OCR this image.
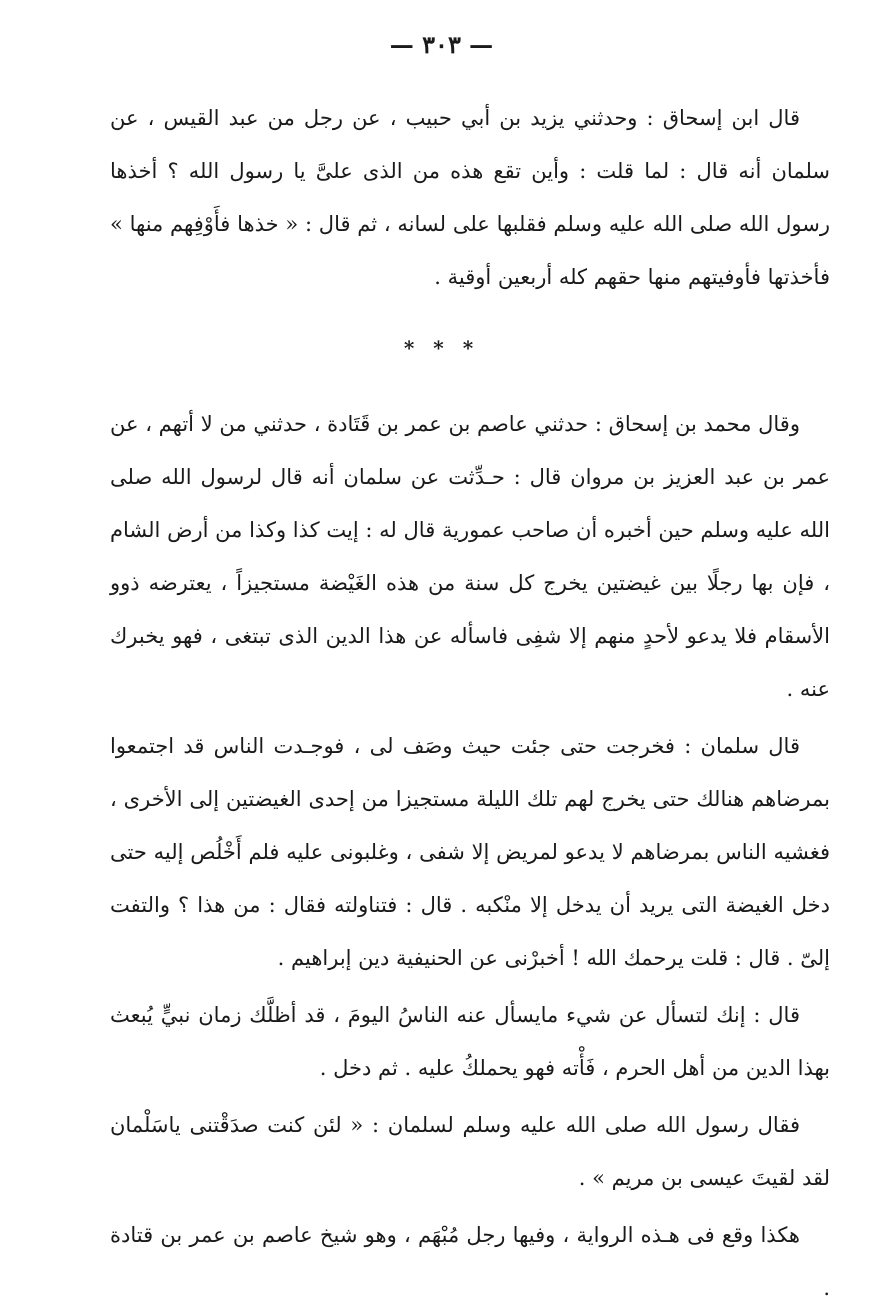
— ٣٠٣ —

قال ابن إسحاق : وحدثني يزيد بن أبي حبيب ، عن رجل من عبد القيس ، عن سلمان أنه قال : لما قلت : وأين تقع هذه من الذى علىَّ يا رسول الله ؟ أخذها رسول الله صلى الله عليه وسلم فقلبها على لسانه ، ثم قال : « خذها فأَوْفِهم منها » فأخذتها فأوفيتهم منها حقهم كله أربعين أوقية .

* * *

وقال محمد بن إسحاق : حدثني عاصم بن عمر بن قَتَادة ، حدثني من لا أتهم ، عن عمر بن عبد العزيز بن مروان قال : حـدِّثت عن سلمان أنه قال لرسول الله صلى الله عليه وسلم حين أخبره أن صاحب عمورية قال له : إيت كذا وكذا من أرض الشام ، فإن بها رجلًا بين غيضتين يخرج كل سنة من هذه الغَيْضة مستجيزاً ، يعترضه ذوو الأسقام فلا يدعو لأحدٍ منهم إلا شفِى فاسأله عن هذا الدين الذى تبتغى ، فهو يخبرك عنه .

قال سلمان : فخرجت حتى جئت حيث وصَف لى ، فوجـدت الناس قد اجتمعوا بمرضاهم هنالك حتى يخرج لهم تلك الليلة مستجيزا من إحدى الغيضتين إلى الأخرى ، فغشيه الناس بمرضاهم لا يدعو لمريض إلا شفى ، وغلبونى عليه فلم أَخْلُص إليه حتى دخل الغيضة التى يريد أن يدخل إلا منْكبه . قال : فتناولته فقال : من هذا ؟ والتفت إلىّ . قال : قلت يرحمك الله ! أخبرْنى عن الحنيفية دين إبراهيم .

قال : إنك لتسأل عن شيء مايسأل عنه الناسُ اليومَ ، قد أظلَّك زمان نبيٍّ يُبعث بهذا الدين من أهل الحرم ، فَأْته فهو يحملكُ عليه . ثم دخل .

فقال رسول الله صلى الله عليه وسلم لسلمان : « لئن كنت صدَقْتنى ياسَلْمان لقد لقيتَ عيسى بن مريم » .

هكذا وقع فى هـذه الرواية ، وفيها رجل مُبْهَم ، وهو شيخ عاصم بن عمر بن قتادة .
